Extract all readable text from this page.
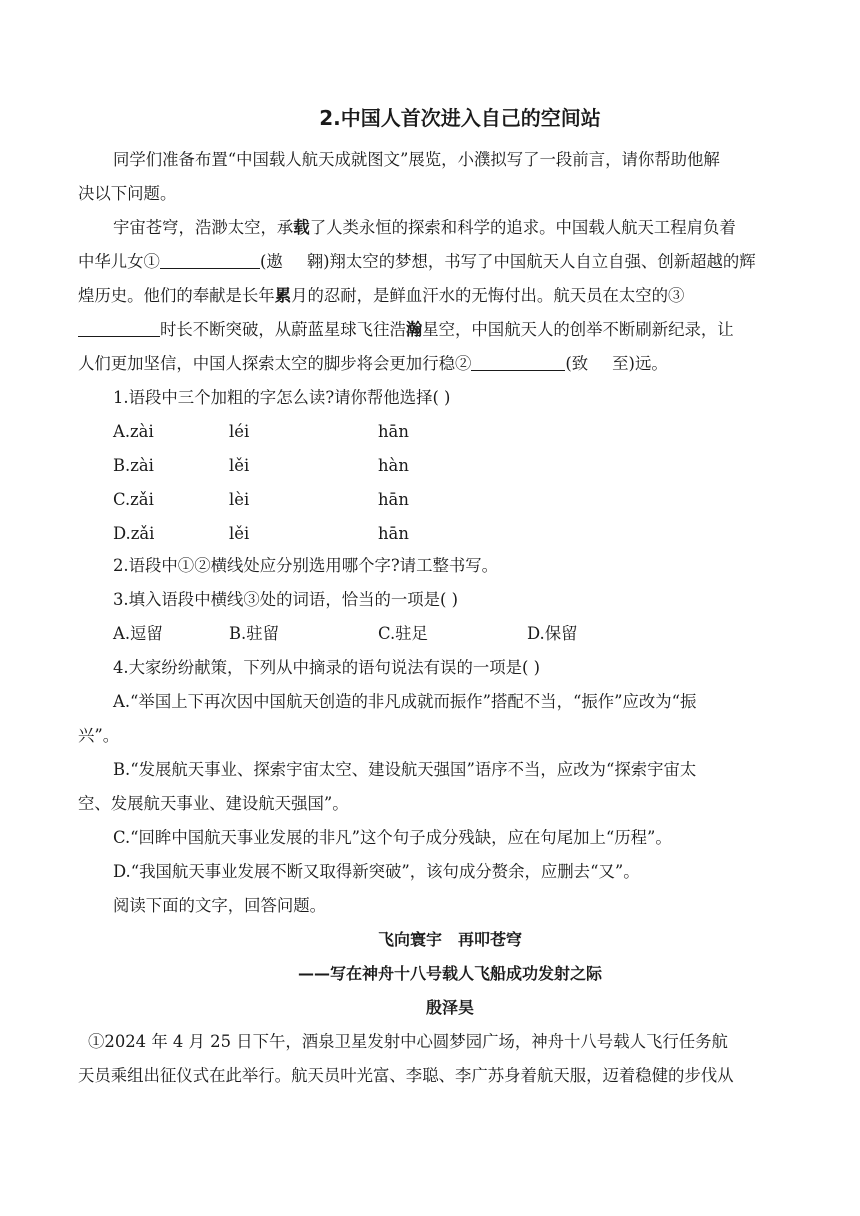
2.中国人首次进入自己的空间站
同学们准备布置“中国载人航天成就图文”展览，小濮拟写了一段前言，请你帮助他解
决以下问题。
宇宙苍穹，浩渺太空，承载了人类永恒的探索和科学的追求。中国载人航天工程肩负着
中华儿女①	(遨 翱)翔太空的梦想，书写了中国航天人自立自强、创新超越的辉
煌历史。他们的奉献是长年累月的忍耐，是鲜血汗水的无悔付出。航天员在太空的③
时长不断突破，从蔚蓝星球飞往浩瀚星空，中国航天人的创举不断刷新纪录，让
人们更加坚信，中国人探索太空的脚步将会更加行稳②	(致 至)远。
1.语段中三个加粗的字怎么读?请你帮他选择( )
A.zài	léi	hān
B.zài	lěi	hàn
C.zǎi	lèi	hān
D.zǎi	lěi	hān
2.语段中①②横线处应分别选用哪个字?请工整书写。
3.填入语段中横线③处的词语，恰当的一项是( )
A.逗留	B.驻留	C.驻足	D.保留
4.大家纷纷献策，下列从中摘录的语句说法有误的一项是( )
A.“举国上下再次因中国航天创造的非凡成就而振作”搭配不当，“振作”应改为“振
兴”。
B.“发展航天事业、探索宇宙太空、建设航天强国”语序不当，应改为“探索宇宙太
空、发展航天事业、建设航天强国”。
C.“回眸中国航天事业发展的非凡”这个句子成分残缺，应在句尾加上“历程”。
D.“我国航天事业发展不断又取得新突破”，该句成分赘余，应删去“又”。
阅读下面的文字，回答问题。
飞向寰宇　再叩苍穹
——写在神舟十八号载人飞船成功发射之际
殷泽昊
①2024 年 4 月 25 日下午，酒泉卫星发射中心圆梦园广场，神舟十八号载人飞行任务航
天员乘组出征仪式在此举行。航天员叶光富、李聪、李广苏身着航天服，迈着稳健的步伐从
